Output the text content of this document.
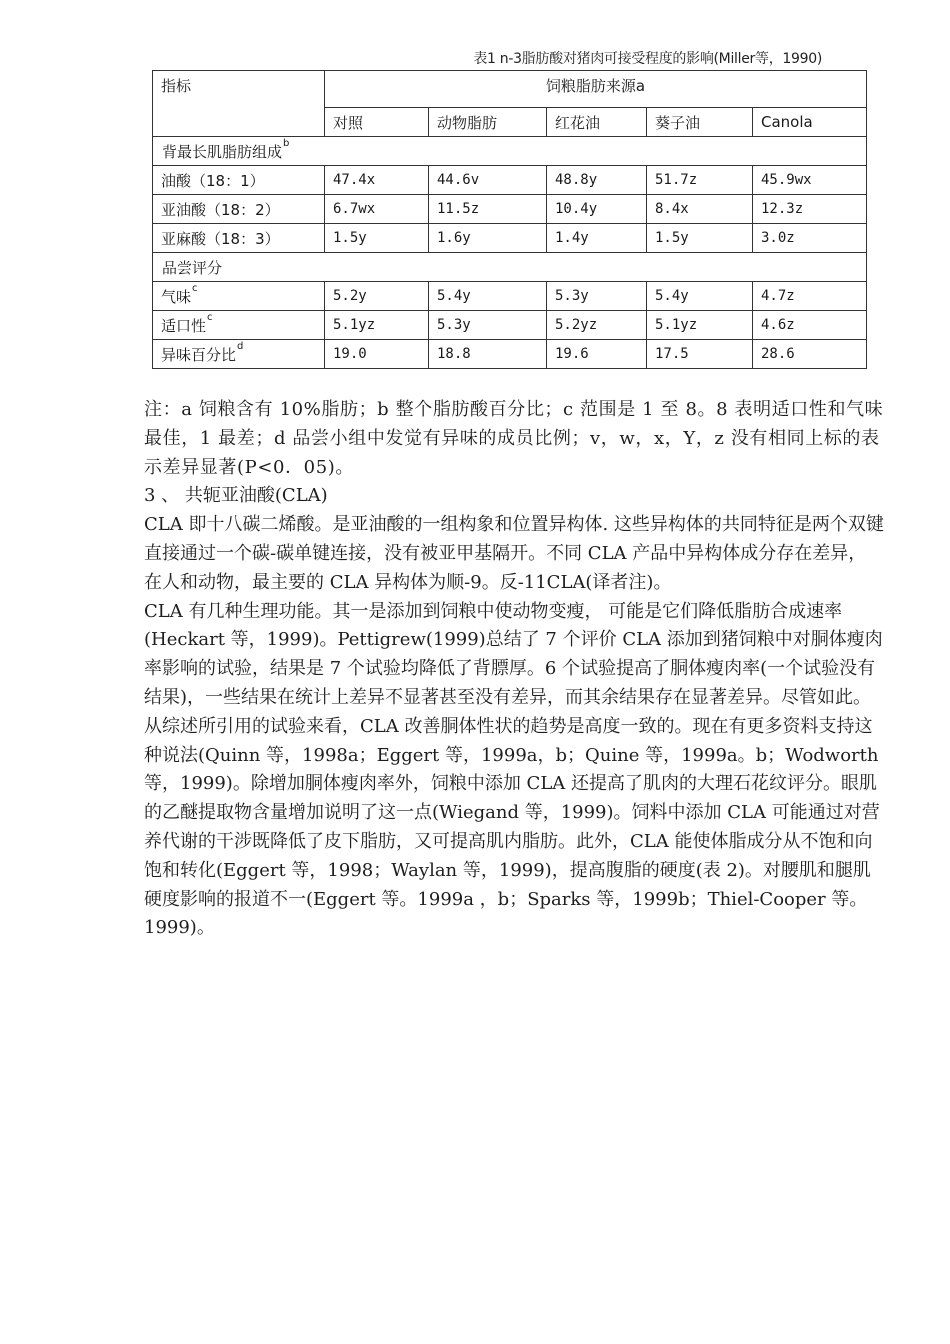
表1 n-3脂肪酸对猪肉可接受程度的影响(Miller等，1990)
指标	饲粮脂肪来源a				
	对照	动物脂肪	红花油	葵子油	Canola
背最长肌脂肪组成$^b$
油酸（18：1）	47.4x	44.6v	48.8y	51.7z	45.9wx
亚油酸（18：2）	6.7wx	11.5z	10.4y	8.4x	12.3z
亚麻酸（18：3）	1.5y	1.6y	1.4y	1.5y	3.0z
品尝评分					
气味$^c$	5.2y	5.4y	5.3y	5.4y	4.7z
适口性$^c$	5.1yz	5.3y	5.2yz	5.1yz	4.6z
异味百分比$^d$	19.0	18.8	19.6	17.5	28.6

注：a 饲粮含有 10%脂肪；b 整个脂肪酸百分比；c 范围是 1 至 8。8 表明适口性和气味最佳，1 最差；d 品尝小组中发觉有异味的成员比例；v，w，x，Y，z 没有相同上标的表示差异显著(P<0．05)。

3 、 共轭亚油酸(CLA)

CLA 即十八碳二烯酸。是亚油酸的一组构象和位置异构体. 这些异构体的共同特征是两个双键直接通过一个碳-碳单键连接，没有被亚甲基隔开。不同 CLA 产品中异构体成分存在差异，在人和动物，最主要的 CLA 异构体为顺-9。反-11CLA(译者注)。

CLA 有几种生理功能。其一是添加到饲粮中使动物变瘦， 可能是它们降低脂肪合成速率(Heckart 等，1999)。Pettigrew(1999)总结了 7 个评价 CLA 添加到猪饲粮中对胴体瘦肉率影响的试验，结果是 7 个试验均降低了背膘厚。6 个试验提高了胴体瘦肉率(一个试验没有结果)，一些结果在统计上差异不显著甚至没有差异，而其余结果存在显著差异。尽管如此。从综述所引用的试验来看，CLA 改善胴体性状的趋势是高度一致的。现在有更多资料支持这种说法(Quinn 等，1998a；Eggert 等，1999a，b；Quine 等，1999a。b；Wodworth 等，1999)。除增加胴体瘦肉率外，饲粮中添加 CLA 还提高了肌肉的大理石花纹评分。眼肌的乙醚提取物含量增加说明了这一点(Wiegand 等，1999)。饲料中添加 CLA 可能通过对营养代谢的干涉既降低了皮下脂肪，又可提高肌内脂肪。此外，CLA 能使体脂成分从不饱和向饱和转化(Eggert 等，1998；Waylan 等，1999)，提高腹脂的硬度(表 2)。对腰肌和腿肌硬度影响的报道不一(Eggert 等。1999a ，b；Sparks 等，1999b；Thiel-Cooper 等。1999)。
